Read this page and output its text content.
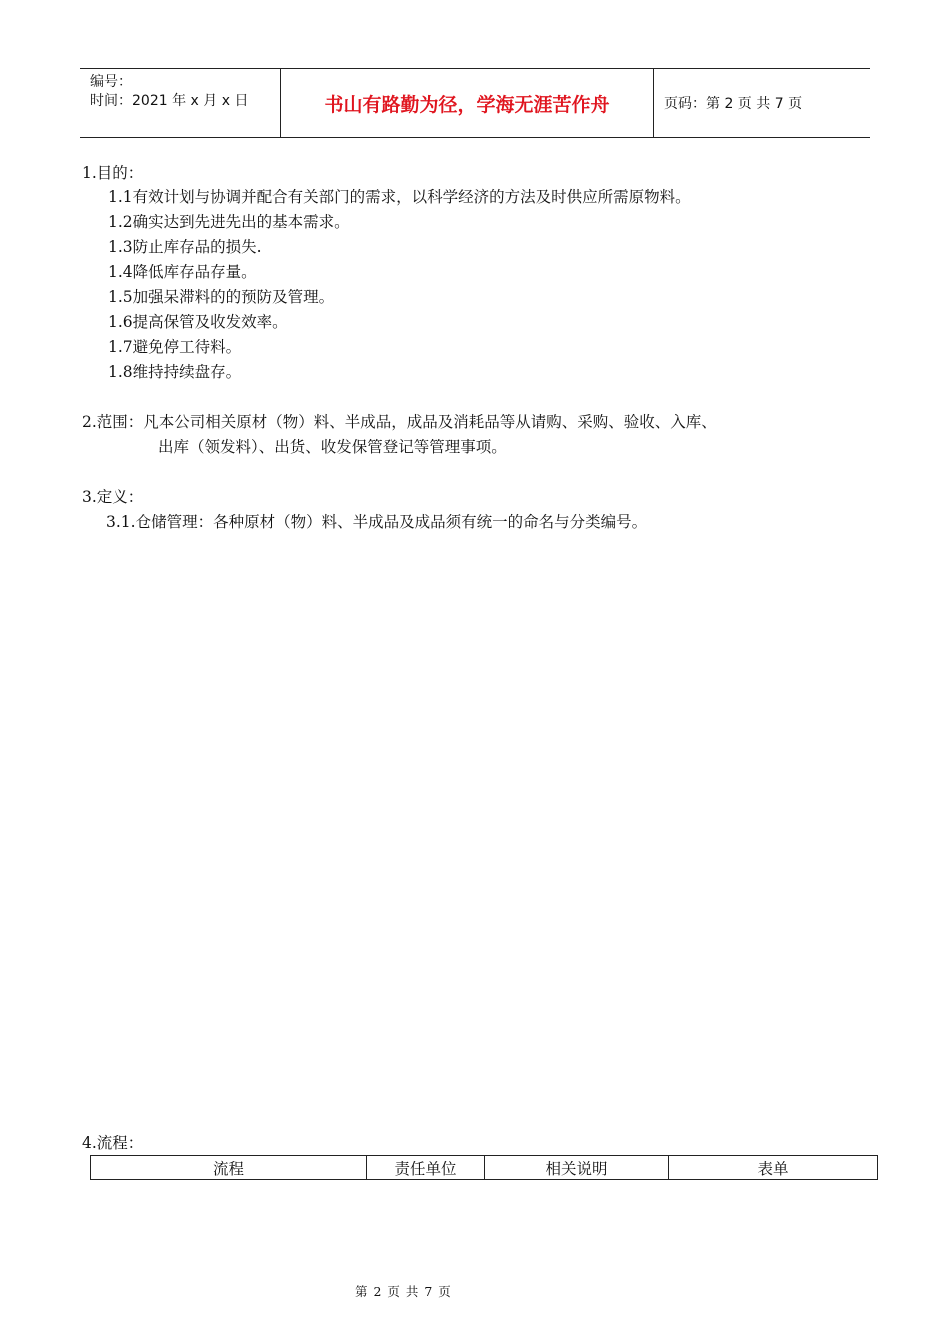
编号：
时间：2021 年 x 月 x 日	书山有路勤为径，学海无涯苦作舟	页码：第 2 页 共 7 页
1.目的：
1.1有效计划与协调并配合有关部门的需求，以科学经济的方法及时供应所需原物料。
1.2确实达到先进先出的基本需求。
1.3防止库存品的损失.
1.4降低库存品存量。
1.5加强呆滞料的的预防及管理。
1.6提高保管及收发效率。
1.7避免停工待料。
1.8维持持续盘存。
2.范围：凡本公司相关原材（物）料、半成品，成品及消耗品等从请购、采购、验收、入库、
出库（领发料）、出货、收发保管登记等管理事项。
3.定义：
3.1.仓储管理：各种原材（物）料、半成品及成品须有统一的命名与分类编号。
4.流程：
流程	责任单位	相关说明	表单
第 2 页 共 7 页
